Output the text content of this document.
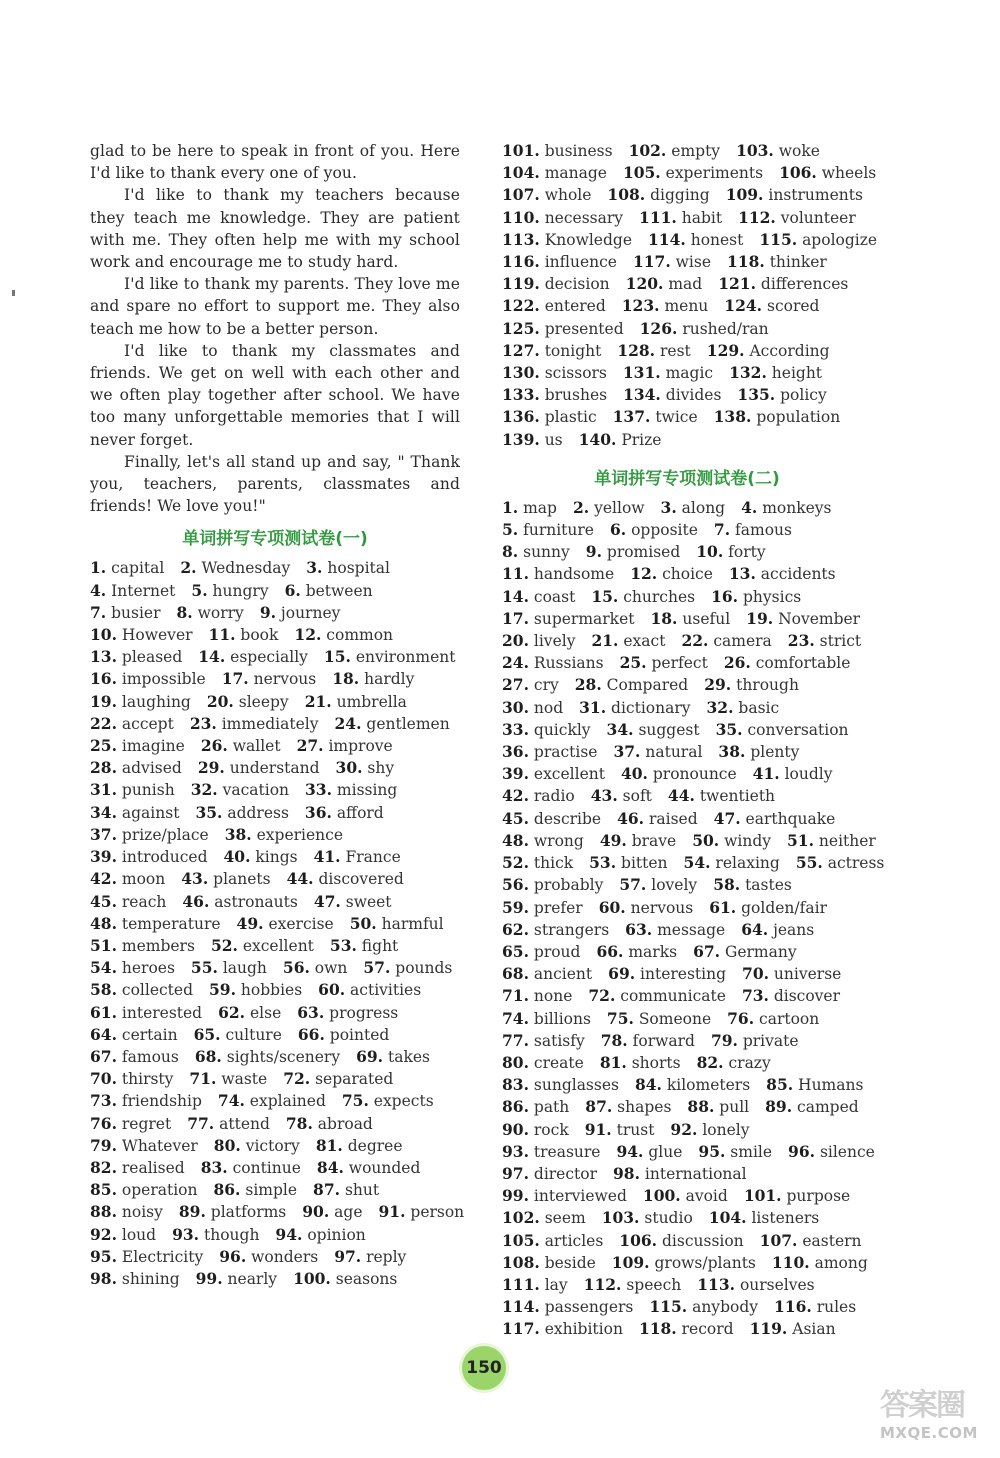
glad to be here to speak in front of you. Here I'd like to thank every one of you.

I'd like to thank my teachers because they teach me knowledge. They are patient with me. They often help me with my school work and encourage me to study hard.

I'd like to thank my parents. They love me and spare no effort to support me. They also teach me how to be a better person.

I'd like to thank my classmates and friends. We get on well with each other and we often play together after school. We have too many unforgettable memories that I will never forget.

Finally, let's all stand up and say, " Thank you, teachers, parents, classmates and friends! We love you!"

单词拼写专项测试卷(一)
1. capital 2. Wednesday 3. hospital
4. Internet 5. hungry 6. between
7. busier 8. worry 9. journey
10. However 11. book 12. common
13. pleased 14. especially 15. environment
16. impossible 17. nervous 18. hardly
19. laughing 20. sleepy 21. umbrella
22. accept 23. immediately 24. gentlemen
25. imagine 26. wallet 27. improve
28. advised 29. understand 30. shy
31. punish 32. vacation 33. missing
34. against 35. address 36. afford
37. prize/place 38. experience
39. introduced 40. kings 41. France
42. moon 43. planets 44. discovered
45. reach 46. astronauts 47. sweet
48. temperature 49. exercise 50. harmful
51. members 52. excellent 53. fight
54. heroes 55. laugh 56. own 57. pounds
58. collected 59. hobbies 60. activities
61. interested 62. else 63. progress
64. certain 65. culture 66. pointed
67. famous 68. sights/scenery 69. takes
70. thirsty 71. waste 72. separated
73. friendship 74. explained 75. expects
76. regret 77. attend 78. abroad
79. Whatever 80. victory 81. degree
82. realised 83. continue 84. wounded
85. operation 86. simple 87. shut
88. noisy 89. platforms 90. age 91. person
92. loud 93. though 94. opinion
95. Electricity 96. wonders 97. reply
98. shining 99. nearly 100. seasons
101. business 102. empty 103. woke
104. manage 105. experiments 106. wheels
107. whole 108. digging 109. instruments
110. necessary 111. habit 112. volunteer
113. Knowledge 114. honest 115. apologize
116. influence 117. wise 118. thinker
119. decision 120. mad 121. differences
122. entered 123. menu 124. scored
125. presented 126. rushed/ran
127. tonight 128. rest 129. According
130. scissors 131. magic 132. height
133. brushes 134. divides 135. policy
136. plastic 137. twice 138. population
139. us 140. Prize
单词拼写专项测试卷(二)
1. map 2. yellow 3. along 4. monkeys
5. furniture 6. opposite 7. famous
8. sunny 9. promised 10. forty
11. handsome 12. choice 13. accidents
14. coast 15. churches 16. physics
17. supermarket 18. useful 19. November
20. lively 21. exact 22. camera 23. strict
24. Russians 25. perfect 26. comfortable
27. cry 28. Compared 29. through
30. nod 31. dictionary 32. basic
33. quickly 34. suggest 35. conversation
36. practise 37. natural 38. plenty
39. excellent 40. pronounce 41. loudly
42. radio 43. soft 44. twentieth
45. describe 46. raised 47. earthquake
48. wrong 49. brave 50. windy 51. neither
52. thick 53. bitten 54. relaxing 55. actress
56. probably 57. lovely 58. tastes
59. prefer 60. nervous 61. golden/fair
62. strangers 63. message 64. jeans
65. proud 66. marks 67. Germany
68. ancient 69. interesting 70. universe
71. none 72. communicate 73. discover
74. billions 75. Someone 76. cartoon
77. satisfy 78. forward 79. private
80. create 81. shorts 82. crazy
83. sunglasses 84. kilometers 85. Humans
86. path 87. shapes 88. pull 89. camped
90. rock 91. trust 92. lonely
93. treasure 94. glue 95. smile 96. silence
97. director 98. international
99. interviewed 100. avoid 101. purpose
102. seem 103. studio 104. listeners
105. articles 106. discussion 107. eastern
108. beside 109. grows/plants 110. among
111. lay 112. speech 113. ourselves
114. passengers 115. anybody 116. rules
117. exhibition 118. record 119. Asian
150
答案圈
MXQE.COM
